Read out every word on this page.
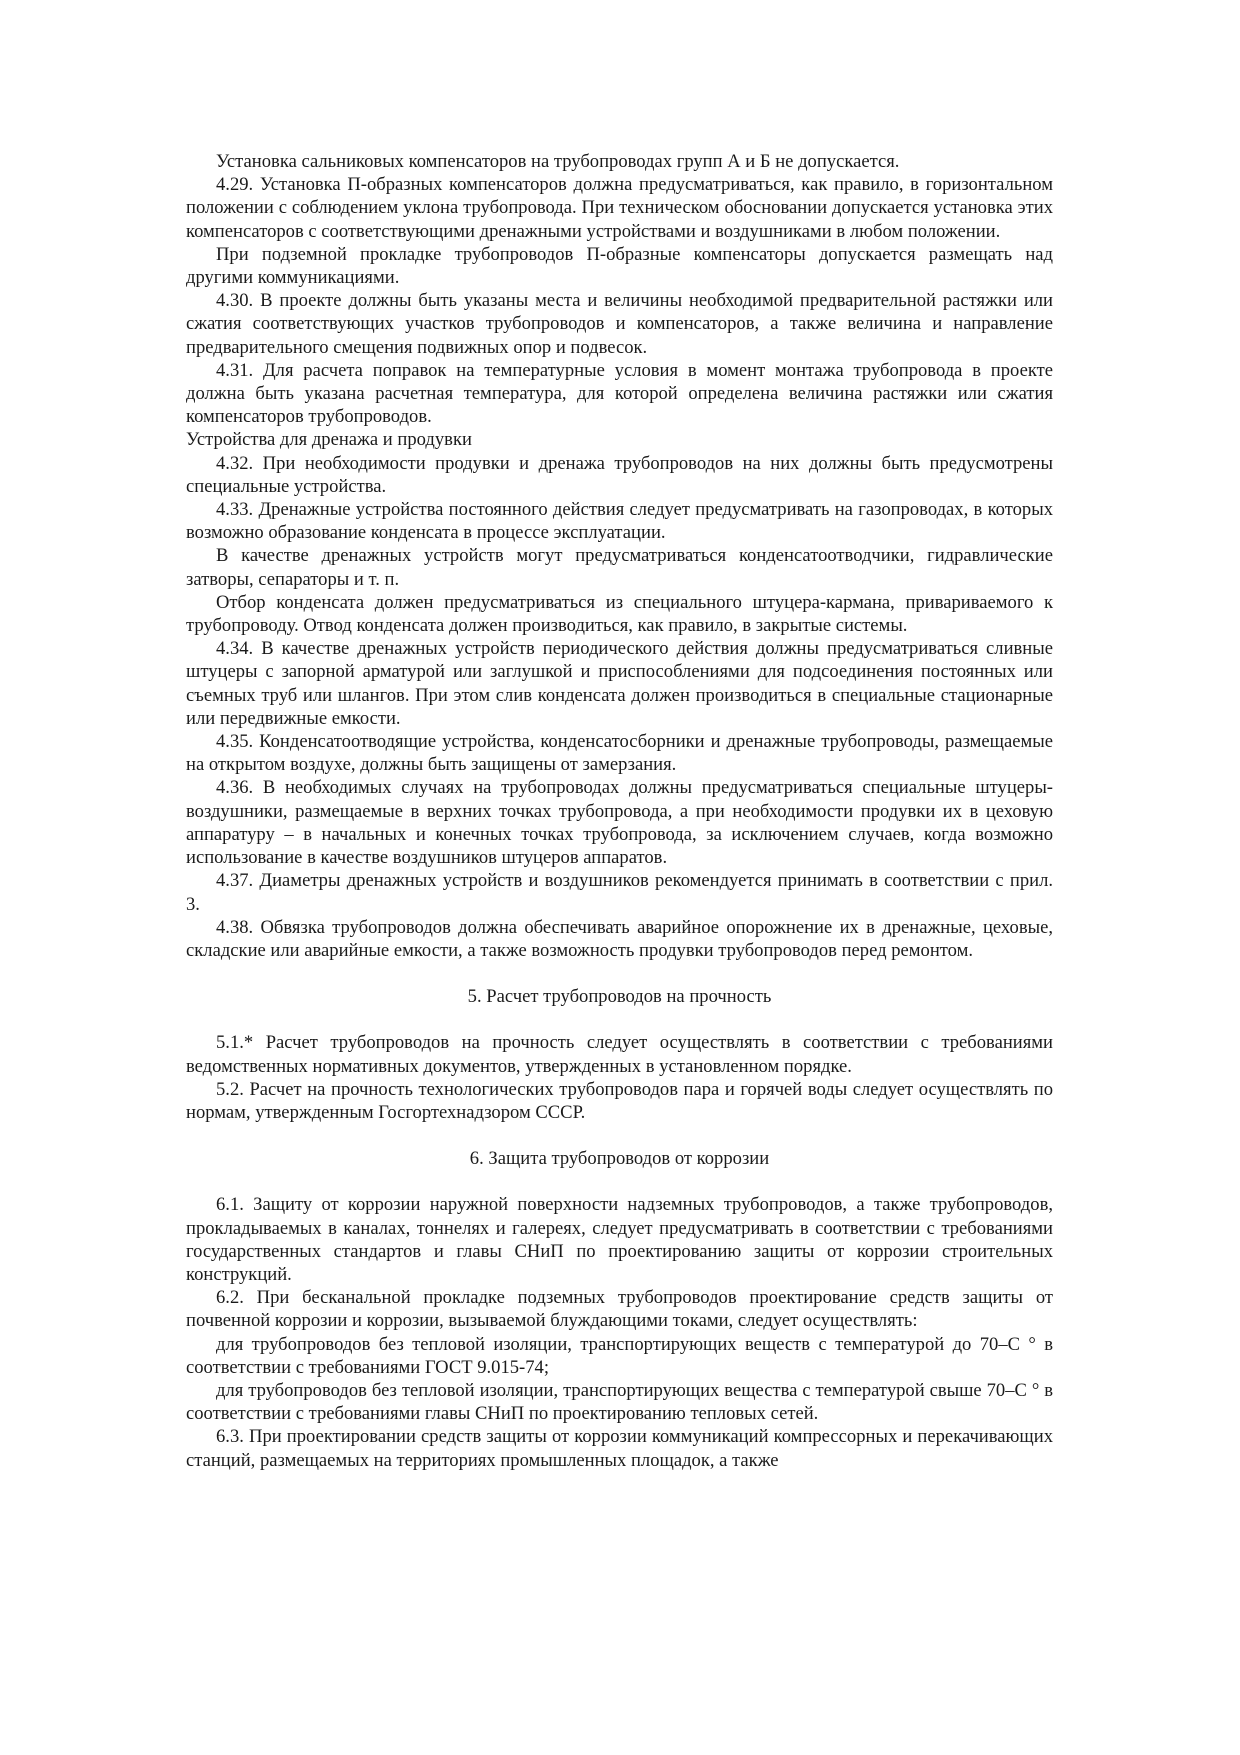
Установка сальниковых компенсаторов на трубопроводах групп А и Б не допускается.

4.29. Установка П-образных компенсаторов должна предусматриваться, как правило, в горизонтальном положении с соблюдением уклона трубопровода. При техническом обосновании допускается установка этих компенсаторов с соответствующими дренажными устройствами и воздушниками в любом положении.

При подземной прокладке трубопроводов П-образные компенсаторы допускается размещать над другими коммуникациями.

4.30. В проекте должны быть указаны места и величины необходимой предварительной растяжки или сжатия соответствующих участков трубопроводов и компенсаторов, а также величина и направление предварительного смещения подвижных опор и подвесок.

4.31. Для расчета поправок на температурные условия в момент монтажа трубопровода в проекте должна быть указана расчетная температура, для которой определена величина растяжки или сжатия компенсаторов трубопроводов.

Устройства для дренажа и продувки

4.32. При необходимости продувки и дренажа трубопроводов на них должны быть предусмотрены специальные устройства.

4.33. Дренажные устройства постоянного действия следует предусматривать на газопроводах, в которых возможно образование конденсата в процессе эксплуатации.

В качестве дренажных устройств могут предусматриваться конденсатоотводчики, гидравлические затворы, сепараторы и т. п.

Отбор конденсата должен предусматриваться из специального штуцера-кармана, привариваемого к трубопроводу. Отвод конденсата должен производиться, как правило, в закрытые системы.

4.34. В качестве дренажных устройств периодического действия должны предусматриваться сливные штуцеры с запорной арматурой или заглушкой и приспособлениями для подсоединения постоянных или съемных труб или шлангов. При этом слив конденсата должен производиться в специальные стационарные или передвижные емкости.

4.35. Конденсатоотводящие устройства, конденсатосборники и дренажные трубопроводы, размещаемые на открытом воздухе, должны быть защищены от замерзания.

4.36. В необходимых случаях на трубопроводах должны предусматриваться специальные штуцеры-воздушники, размещаемые в верхних точках трубопровода, а при необходимости продувки их в цеховую аппаратуру – в начальных и конечных точках трубопровода, за исключением случаев, когда возможно использование в качестве воздушников штуцеров аппаратов.

4.37. Диаметры дренажных устройств и воздушников рекомендуется принимать в соответствии с прил. 3.

4.38. Обвязка трубопроводов должна обеспечивать аварийное опорожнение их в дренажные, цеховые, складские или аварийные емкости, а также возможность продувки трубопроводов перед ремонтом.

5. Расчет трубопроводов на прочность

5.1.* Расчет трубопроводов на прочность следует осуществлять в соответствии с требованиями ведомственных нормативных документов, утвержденных в установленном порядке.

5.2. Расчет на прочность технологических трубопроводов пара и горячей воды следует осуществлять по нормам, утвержденным Госгортехнадзором СССР.

6. Защита трубопроводов от коррозии

6.1. Защиту от коррозии наружной поверхности надземных трубопроводов, а также трубопроводов, прокладываемых в каналах, тоннелях и галереях, следует предусматривать в соответствии с требованиями государственных стандартов и главы СНиП по проектированию защиты от коррозии строительных конструкций.

6.2. При бесканальной прокладке подземных трубопроводов проектирование средств защиты от почвенной коррозии и коррозии, вызываемой блуждающими токами, следует осуществлять:

для трубопроводов без тепловой изоляции, транспортирующих веществ с температурой до 70–С ° в соответствии с требованиями ГОСТ 9.015-74;

для трубопроводов без тепловой изоляции, транспортирующих вещества с температурой свыше 70–С ° в соответствии с требованиями главы СНиП по проектированию тепловых сетей.

6.3. При проектировании средств защиты от коррозии коммуникаций компрессорных и перекачивающих станций, размещаемых на территориях промышленных площадок, а также
